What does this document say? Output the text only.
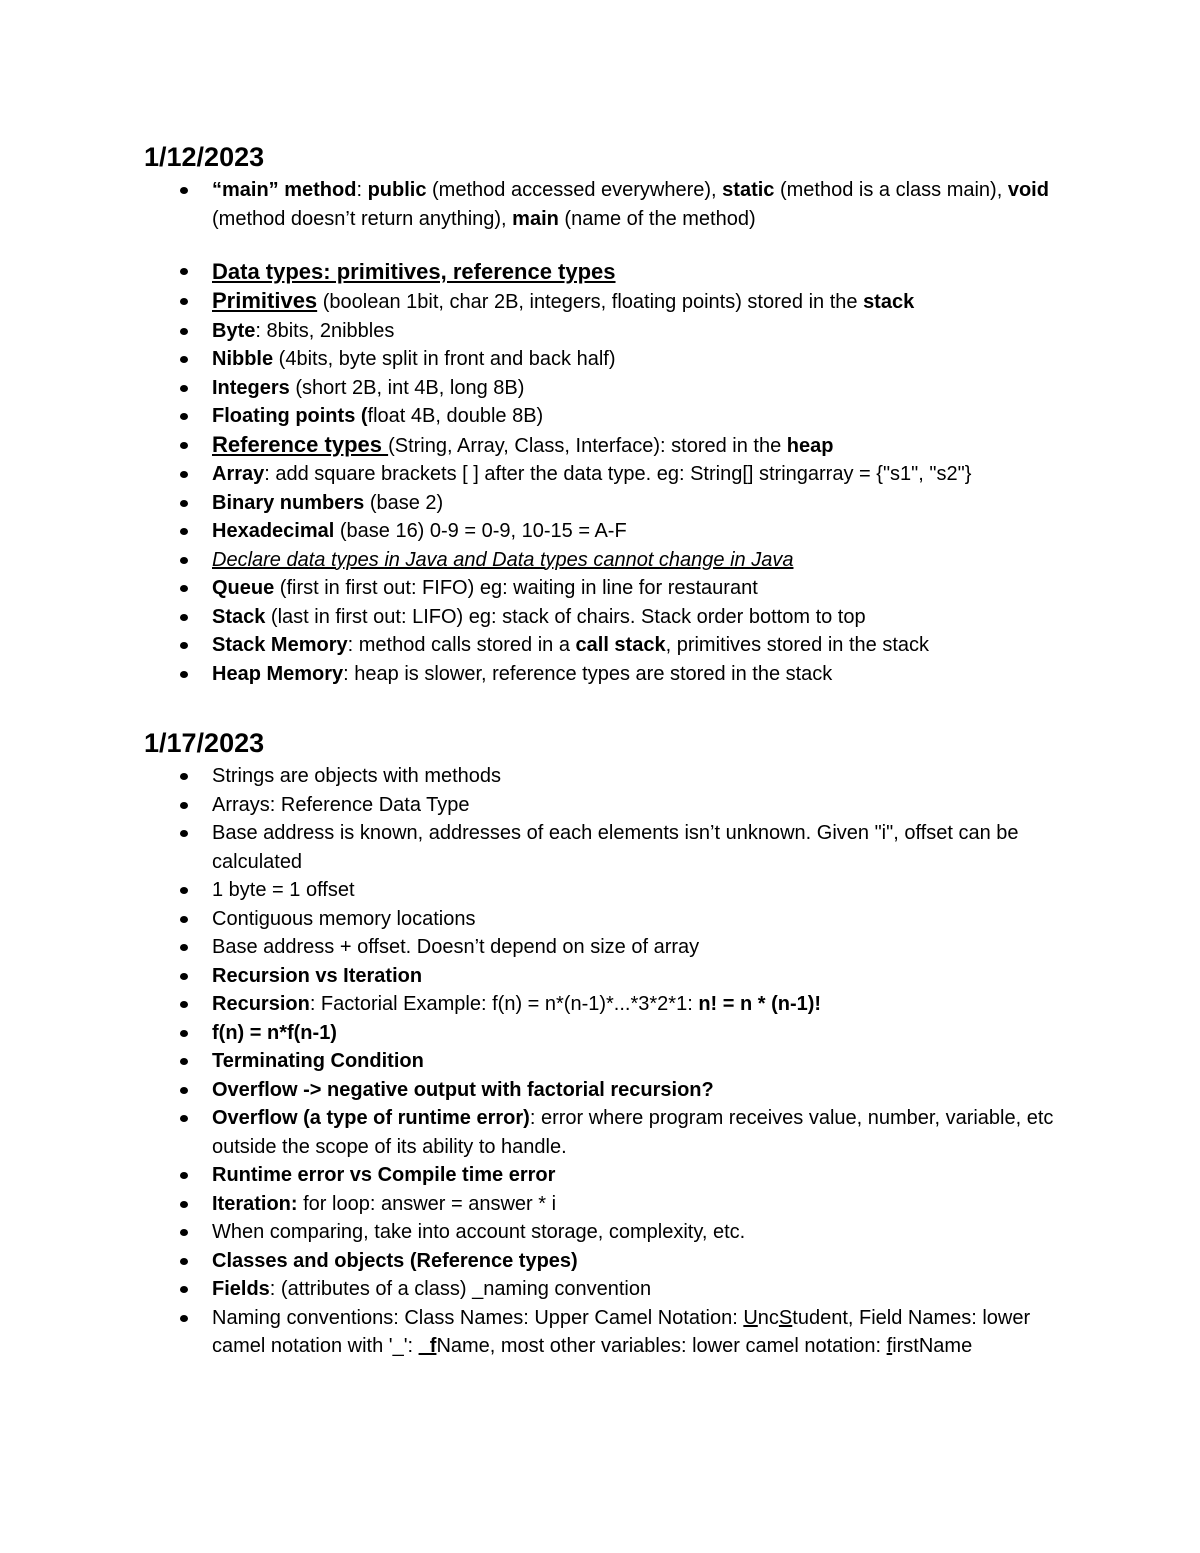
1/12/2023
“main” method: public (method accessed everywhere), static (method is a class main), void (method doesn’t return anything), main (name of the method)
Data types: primitives, reference types
Primitives (boolean 1bit, char 2B, integers, floating points) stored in the stack
Byte: 8bits, 2nibbles
Nibble (4bits, byte split in front and back half)
Integers (short 2B, int 4B, long 8B)
Floating points (float 4B, double 8B)
Reference types (String, Array, Class, Interface): stored in the heap
Array: add square brackets [ ] after the data type. eg: String[] stringarray = {"s1", "s2"}
Binary numbers (base 2)
Hexadecimal (base 16) 0-9 = 0-9, 10-15 = A-F
Declare data types in Java and Data types cannot change in Java
Queue (first in first out: FIFO) eg: waiting in line for restaurant
Stack (last in first out: LIFO) eg: stack of chairs. Stack order bottom to top
Stack Memory: method calls stored in a call stack, primitives stored in the stack
Heap Memory: heap is slower, reference types are stored in the stack
1/17/2023
Strings are objects with methods
Arrays: Reference Data Type
Base address is known, addresses of each elements isn’t unknown. Given "i", offset can be calculated
1 byte = 1 offset
Contiguous memory locations
Base address + offset. Doesn’t depend on size of array
Recursion vs Iteration
Recursion: Factorial Example: f(n) = n*(n-1)*...*3*2*1: n! = n * (n-1)!
f(n) = n*f(n-1)
Terminating Condition
Overflow -> negative output with factorial recursion?
Overflow (a type of runtime error): error where program receives value, number, variable, etc outside the scope of its ability to handle.
Runtime error vs Compile time error
Iteration: for loop: answer = answer * i
When comparing, take into account storage, complexity, etc.
Classes and objects (Reference types)
Fields: (attributes of a class) _naming convention
Naming conventions: Class Names: Upper Camel Notation: UncStudent, Field Names: lower camel notation with '_': _fName, most other variables: lower camel notation: firstName
